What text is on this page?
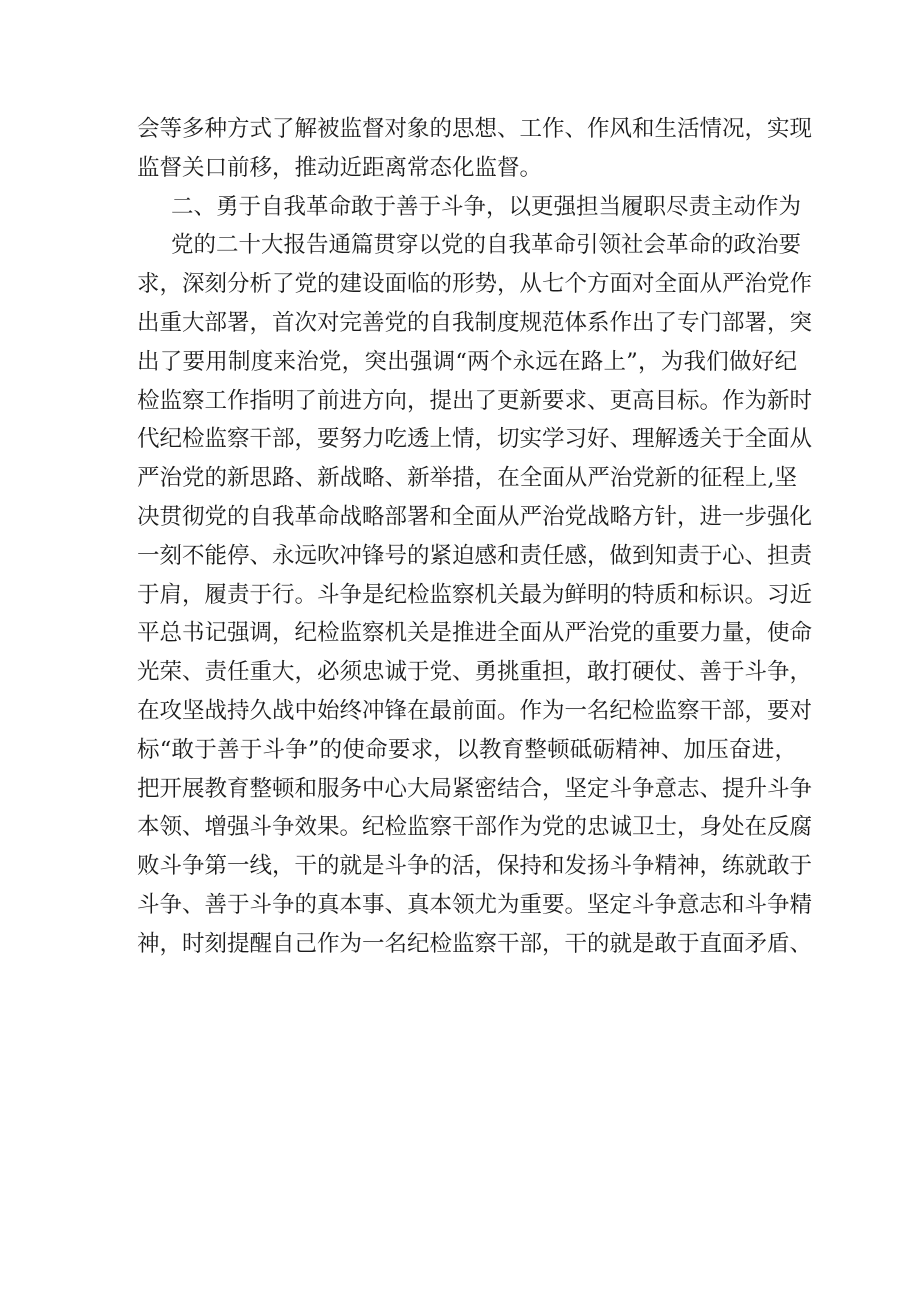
会等多种方式了解被监督对象的思想、工作、作风和生活情况，实现
监督关口前移，推动近距离常态化监督。

二、勇于自我革命敢于善于斗争，以更强担当履职尽责主动作为

党的二十大报告通篇贯穿以党的自我革命引领社会革命的政治要
求，深刻分析了党的建设面临的形势，从七个方面对全面从严治党作
出重大部署，首次对完善党的自我制度规范体系作出了专门部署，突
出了要用制度来治党，突出强调“两个永远在路上”，为我们做好纪
检监察工作指明了前进方向，提出了更新要求、更高目标。作为新时
代纪检监察干部，要努力吃透上情，切实学习好、理解透关于全面从
严治党的新思路、新战略、新举措，在全面从严治党新的征程上,坚
决贯彻党的自我革命战略部署和全面从严治党战略方针，进一步强化
一刻不能停、永远吹冲锋号的紧迫感和责任感，做到知责于心、担责
于肩，履责于行。斗争是纪检监察机关最为鲜明的特质和标识。习近
平总书记强调，纪检监察机关是推进全面从严治党的重要力量，使命
光荣、责任重大，必须忠诚于党、勇挑重担，敢打硬仗、善于斗争，
在攻坚战持久战中始终冲锋在最前面。作为一名纪检监察干部，要对
标“敢于善于斗争”的使命要求，以教育整顿砥砺精神、加压奋进，
把开展教育整顿和服务中心大局紧密结合，坚定斗争意志、提升斗争
本领、增强斗争效果。纪检监察干部作为党的忠诚卫士，身处在反腐
败斗争第一线，干的就是斗争的活，保持和发扬斗争精神，练就敢于
斗争、善于斗争的真本事、真本领尤为重要。坚定斗争意志和斗争精
神，时刻提醒自己作为一名纪检监察干部，干的就是敢于直面矛盾、
